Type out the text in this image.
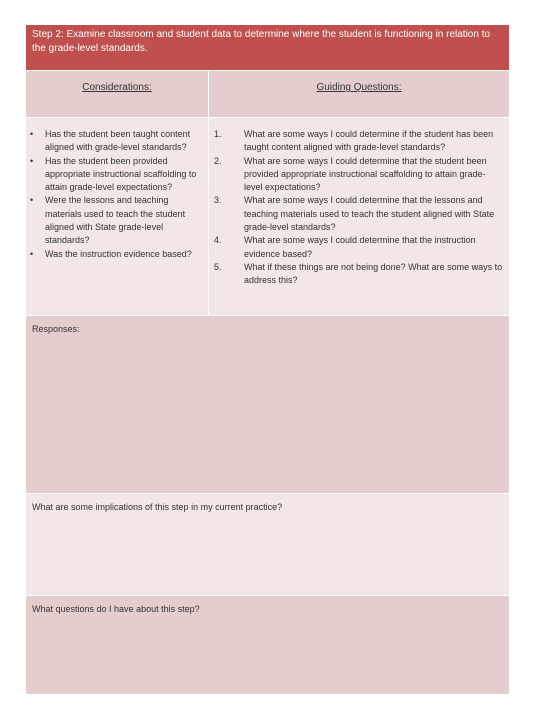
Step 2: Examine classroom and student data to determine where the student is functioning in relation to the grade-level standards.
Considerations:	Guiding Questions:
• Has the student been taught content aligned with grade-level standards?
• Has the student been provided appropriate instructional scaffolding to attain grade-level expectations?
• Were the lessons and teaching materials used to teach the student aligned with State grade-level standards?
• Was the instruction evidence based?
1. What are some ways I could determine if the student has been taught content aligned with grade-level standards?
2. What are some ways I could determine that the student been provided appropriate instructional scaffolding to attain grade-level expectations?
3. What are some ways I could determine that the lessons and teaching materials used to teach the student aligned with State grade-level standards?
4. What are some ways I could determine that the instruction evidence based?
5. What if these things are not being done? What are some ways to address this?
Responses:
What are some implications of this step in my current practice?
What questions do I have about this step?
